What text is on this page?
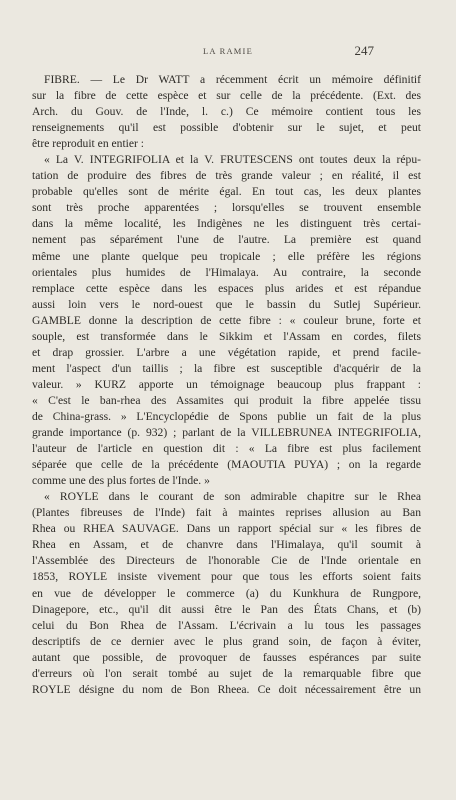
LA RAMIE	247
FIBRE. — Le Dr WATT a récemment écrit un mémoire définitif
sur la fibre de cette espèce et sur celle de la précédente. (Ext. des
Arch. du Gouv. de l'Inde, l. c.) Ce mémoire contient tous les
renseignements qu'il est possible d'obtenir sur le sujet, et peut
être reproduit en entier :
« La V. INTEGRIFOLIA et la V. FRUTESCENS ont toutes deux la répu-
tation de produire des fibres de très grande valeur ; en réalité, il est
probable qu'elles sont de mérite égal. En tout cas, les deux plantes
sont très proche apparentées ; lorsqu'elles se trouvent ensemble
dans la même localité, les Indigènes ne les distinguent très certai-
nement pas séparément l'une de l'autre. La première est quand
même une plante quelque peu tropicale ; elle préfère les régions
orientales plus humides de l'Himalaya. Au contraire, la seconde
remplace cette espèce dans les espaces plus arides et est répandue
aussi loin vers le nord-ouest que le bassin du Sutlej Supérieur.
GAMBLE donne la description de cette fibre : « couleur brune, forte et
souple, est transformée dans le Sikkim et l'Assam en cordes, filets
et drap grossier. L'arbre a une végétation rapide, et prend facile-
ment l'aspect d'un taillis ; la fibre est susceptible d'acquérir de la
valeur. » KURZ apporte un témoignage beaucoup plus frappant :
« C'est le ban-rhea des Assamites qui produit la fibre appelée tissu
de China-grass. » L'Encyclopédie de Spons publie un fait de la plus
grande importance (p. 932) ; parlant de la VILLEBRUNEA INTEGRIFOLIA,
l'auteur de l'article en question dit : « La fibre est plus facilement
séparée que celle de la précédente (MAOUTIA PUYA) ; on la regarde
comme une des plus fortes de l'Inde. »
« ROYLE dans le courant de son admirable chapitre sur le Rhea
(Plantes fibreuses de l'Inde) fait à maintes reprises allusion au Ban
Rhea ou RHEA SAUVAGE. Dans un rapport spécial sur « les fibres de
Rhea en Assam, et de chanvre dans l'Himalaya, qu'il soumit à
l'Assemblée des Directeurs de l'honorable Cie de l'Inde orientale en
1853, ROYLE insiste vivement pour que tous les efforts soient faits
en vue de développer le commerce (a) du Kunkhura de Rungpore,
Dinagepore, etc., qu'il dit aussi être le Pan des États Chans, et (b)
celui du Bon Rhea de l'Assam. L'écrivain a lu tous les passages
descriptifs de ce dernier avec le plus grand soin, de façon à éviter,
autant que possible, de provoquer de fausses espérances par suite
d'erreurs où l'on serait tombé au sujet de la remarquable fibre que
ROYLE désigne du nom de Bon Rheea. Ce doit nécessairement être un
